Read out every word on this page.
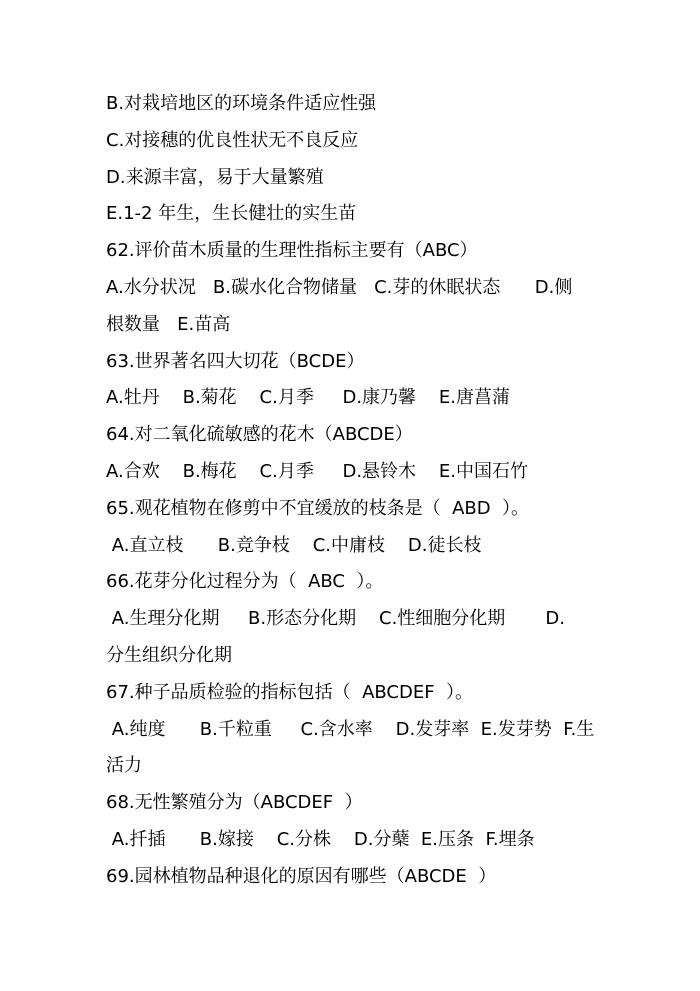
B.对栽培地区的环境条件适应性强
C.对接穗的优良性状无不良反应
D.来源丰富，易于大量繁殖
E.1-2 年生，生长健壮的实生苗
62.评价苗木质量的生理性指标主要有（ABC）
A.水分状况   B.碳水化合物储量   C.芽的休眠状态      D.侧
根数量   E.苗高
63.世界著名四大切花（BCDE）
A.牡丹    B.菊花    C.月季     D.康乃馨    E.唐菖蒲
64.对二氧化硫敏感的花木（ABCDE）
A.合欢    B.梅花    C.月季     D.悬铃木    E.中国石竹
65.观花植物在修剪中不宜缓放的枝条是（  ABD  ）。
A.直立枝      B.竞争枝    C.中庸枝    D.徒长枝
66.花芽分化过程分为（  ABC  ）。
A.生理分化期     B.形态分化期    C.性细胞分化期       D.
分生组织分化期
67.种子品质检验的指标包括（  ABCDEF  ）。
A.纯度      B.千粒重     C.含水率    D.发芽率  E.发芽势  F.生
活力
68.无性繁殖分为（ABCDEF  ）
A.扦插      B.嫁接    C.分株    D.分蘖  E.压条  F.埋条
69.园林植物品种退化的原因有哪些（ABCDE  ）
